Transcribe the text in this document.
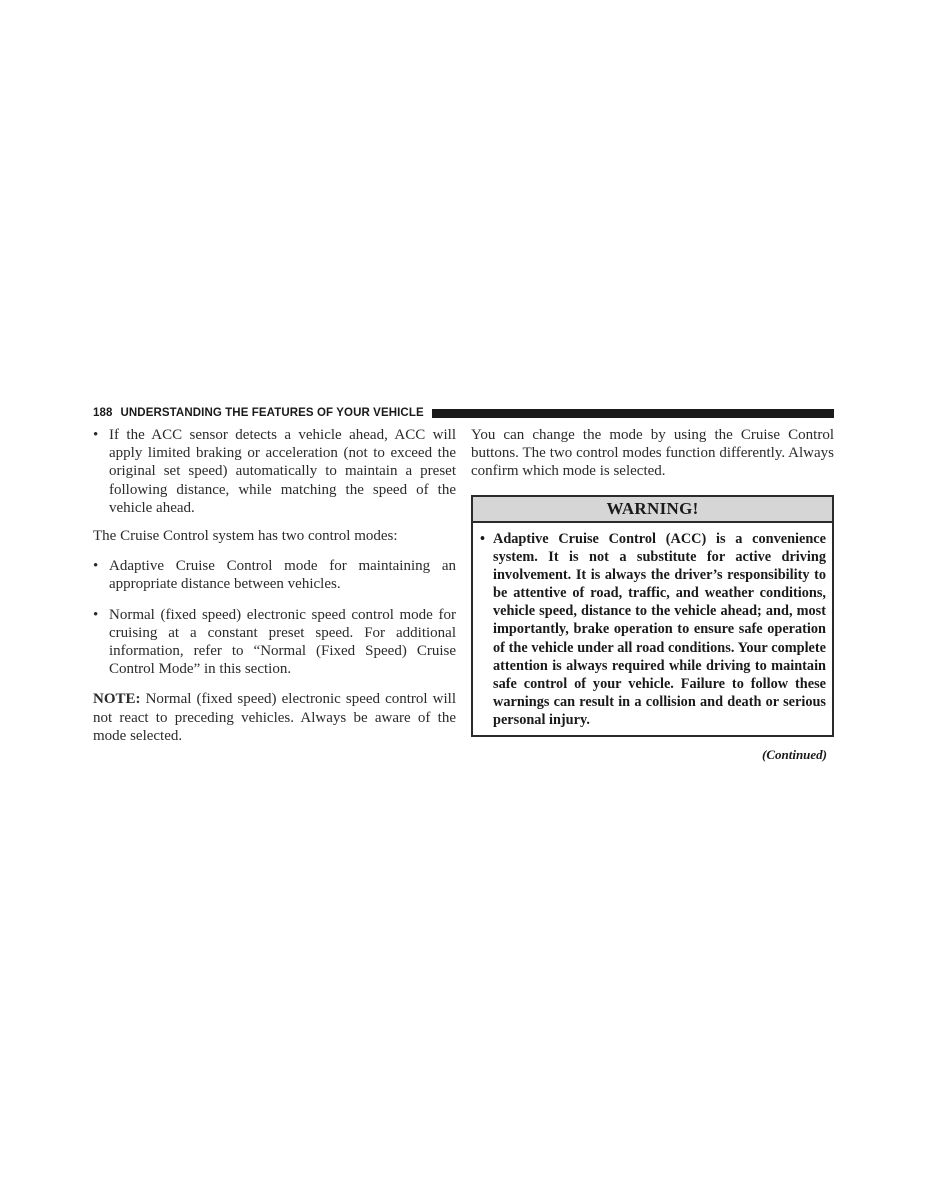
188 UNDERSTANDING THE FEATURES OF YOUR VEHICLE
• If the ACC sensor detects a vehicle ahead, ACC will apply limited braking or acceleration (not to exceed the original set speed) automatically to maintain a preset following distance, while matching the speed of the vehicle ahead.
The Cruise Control system has two control modes:
• Adaptive Cruise Control mode for maintaining an appropriate distance between vehicles.
• Normal (fixed speed) electronic speed control mode for cruising at a constant preset speed. For additional information, refer to “Normal (Fixed Speed) Cruise Control Mode” in this section.
NOTE: Normal (fixed speed) electronic speed control will not react to preceding vehicles. Always be aware of the mode selected.
You can change the mode by using the Cruise Control buttons. The two control modes function differently. Always confirm which mode is selected.
WARNING!
• Adaptive Cruise Control (ACC) is a convenience system. It is not a substitute for active driving involvement. It is always the driver’s responsibility to be attentive of road, traffic, and weather conditions, vehicle speed, distance to the vehicle ahead; and, most importantly, brake operation to ensure safe operation of the vehicle under all road conditions. Your complete attention is always required while driving to maintain safe control of your vehicle. Failure to follow these warnings can result in a collision and death or serious personal injury.
(Continued)
